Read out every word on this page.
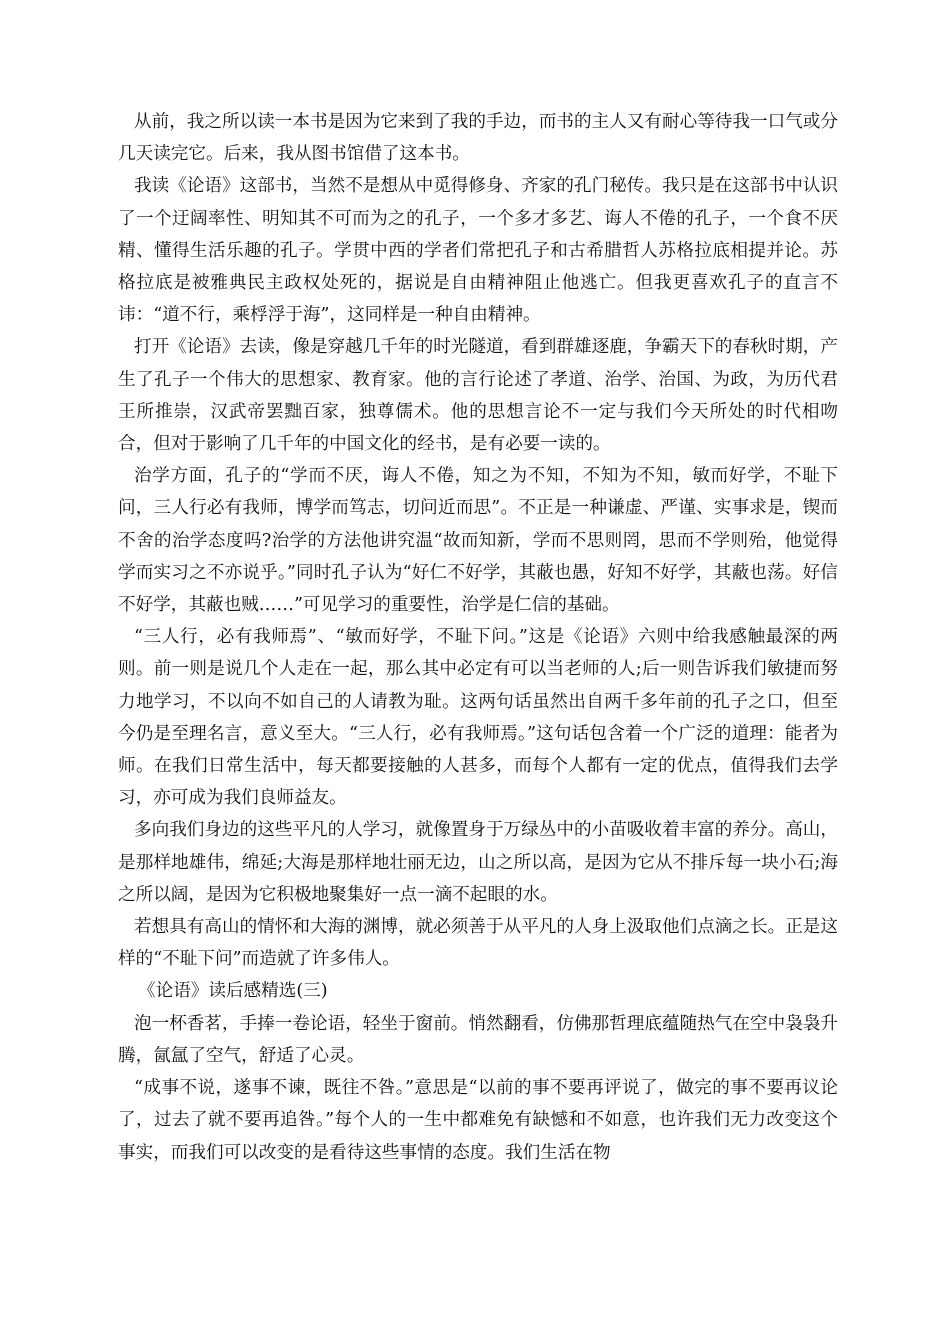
从前，我之所以读一本书是因为它来到了我的手边，而书的主人又有耐心等待我一口气或分几天读完它。后来，我从图书馆借了这本书。

我读《论语》这部书，当然不是想从中觅得修身、齐家的孔门秘传。我只是在这部书中认识了一个迂阔率性、明知其不可而为之的孔子，一个多才多艺、诲人不倦的孔子，一个食不厌精、懂得生活乐趣的孔子。学贯中西的学者们常把孔子和古希腊哲人苏格拉底相提并论。苏格拉底是被雅典民主政权处死的，据说是自由精神阻止他逃亡。但我更喜欢孔子的直言不讳：“道不行，乘桴浮于海”，这同样是一种自由精神。

打开《论语》去读，像是穿越几千年的时光隧道，看到群雄逐鹿，争霸天下的春秋时期，产生了孔子一个伟大的思想家、教育家。他的言行论述了孝道、治学、治国、为政，为历代君王所推崇，汉武帝罢黜百家，独尊儒术。他的思想言论不一定与我们今天所处的时代相吻合，但对于影响了几千年的中国文化的经书，是有必要一读的。

治学方面，孔子的“学而不厌，诲人不倦，知之为不知，不知为不知，敏而好学，不耻下问，三人行必有我师，博学而笃志，切问近而思”。不正是一种谦虚、严谨、实事求是，锲而不舍的治学态度吗?治学的方法他讲究温“故而知新，学而不思则罔，思而不学则殆，他觉得学而实习之不亦说乎。”同时孔子认为“好仁不好学，其蔽也愚，好知不好学，其蔽也荡。好信不好学，其蔽也贼……”可见学习的重要性，治学是仁信的基础。

“三人行，必有我师焉”、“敏而好学，不耻下问。”这是《论语》六则中给我感触最深的两则。前一则是说几个人走在一起，那么其中必定有可以当老师的人;后一则告诉我们敏捷而努力地学习，不以向不如自己的人请教为耻。这两句话虽然出自两千多年前的孔子之口，但至今仍是至理名言，意义至大。“三人行，必有我师焉。”这句话包含着一个广泛的道理：能者为师。在我们日常生活中，每天都要接触的人甚多，而每个人都有一定的优点，值得我们去学习，亦可成为我们良师益友。

多向我们身边的这些平凡的人学习，就像置身于万绿丛中的小苗吸收着丰富的养分。高山，是那样地雄伟，绵延;大海是那样地壮丽无边，山之所以高，是因为它从不排斥每一块小石;海之所以阔，是因为它积极地聚集好一点一滴不起眼的水。

若想具有高山的情怀和大海的渊博，就必须善于从平凡的人身上汲取他们点滴之长。正是这样的“不耻下问”而造就了许多伟人。

《论语》读后感精选(三)

泡一杯香茗，手捧一卷论语，轻坐于窗前。悄然翻看，仿佛那哲理底蕴随热气在空中袅袅升腾，氤氲了空气，舒适了心灵。

“成事不说，遂事不谏，既往不咎。”意思是“以前的事不要再评说了，做完的事不要再议论了，过去了就不要再追咎。”每个人的一生中都难免有缺憾和不如意，也许我们无力改变这个事实，而我们可以改变的是看待这些事情的态度。我们生活在物
